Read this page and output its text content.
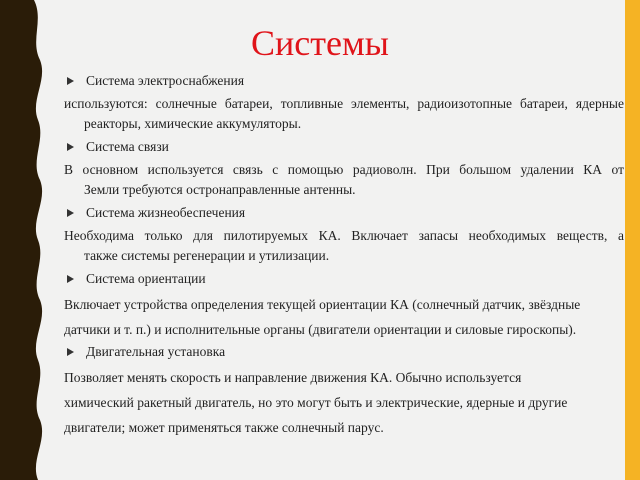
Системы
Система электроснабжения
используются: солнечные батареи, топливные элементы, радиоизотопные батареи, ядерные
реакторы, химические аккумуляторы.
Система связи
В основном используется связь с помощью радиоволн. При большом удалении КА от
Земли требуются остронаправленные антенны.
Система жизнеобеспечения
Необходима только для пилотируемых КА. Включает запасы необходимых веществ, а
также системы регенерации и утилизации.
Система ориентации
Включает устройства определения текущей ориентации КА (солнечный датчик, звёздные
датчики и т. п.) и исполнительные органы (двигатели ориентации и силовые гироскопы).
Двигательная установка
Позволяет менять скорость и направление движения КА. Обычно используется
химический ракетный двигатель, но это могут быть и электрические, ядерные и другие
двигатели; может применяться также солнечный парус.
